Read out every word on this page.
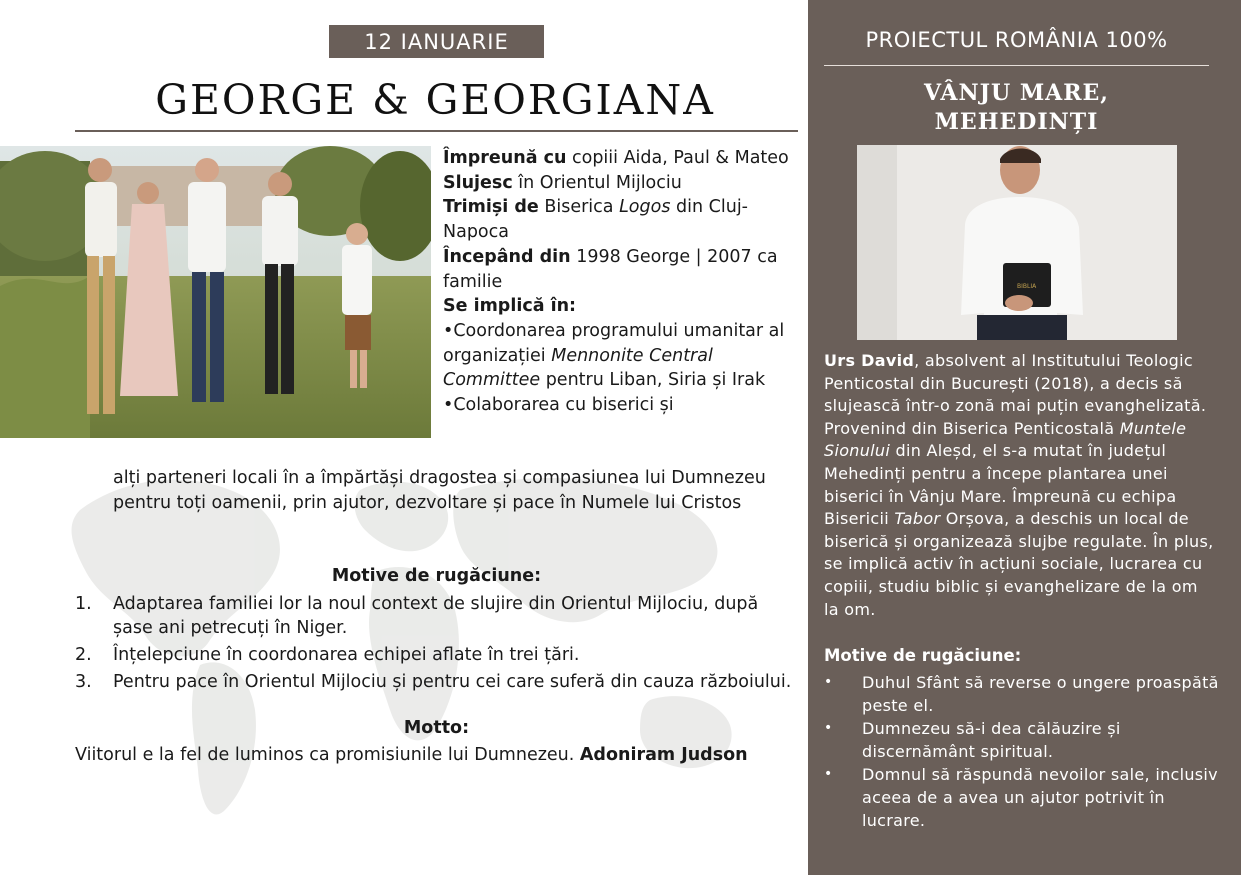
12 IANUARIE
GEORGE & GEORGIANA

Împreună cu copiii Aida, Paul & Mateo

Slujesc în Orientul Mijlociu

Trimiși de Biserica Logos din Cluj-Napoca

Începând din 1998 George | 2007 ca familie

Se implică în:

•Coordonarea programului umanitar al organizației Mennonite Central Committee pentru Liban, Siria și Irak

•Colaborarea cu biserici și

alți parteneri locali în a împărtăși dragostea și compasiunea lui Dumnezeu pentru toți oamenii, prin ajutor, dezvoltare și pace în Numele lui Cristos

Motive de rugăciune:
1.	Adaptarea familiei lor la noul context de slujire din Orientul Mijlociu, după șase ani petrecuți în Niger.
2.	Înțelepciune în coordonarea echipei aflate în trei țări.
3.	Pentru pace în Orientul Mijlociu și pentru cei care suferă din cauza războiului.
Motto:

Viitorul e la fel de luminos ca promisiunile lui Dumnezeu. Adoniram Judson

PROIECTUL ROMÂNIA 100%
VÂNJU MARE,
MEHEDINȚI
BIBLIA

Urs David, absolvent al Institutului Teologic Penticostal din București (2018), a decis să slujească într-o zonă mai puțin evanghelizată. Provenind din Biserica Penticostală Muntele Sionului din Aleșd, el s-a mutat în județul Mehedinți pentru a începe plantarea unei biserici în Vânju Mare. Împreună cu echipa Bisericii Tabor Orșova, a deschis un local de biserică și organizează slujbe regulate. În plus, se implică activ în acțiuni sociale, lucrarea cu copiii, studiu biblic și evanghelizare de la om la om.

Motive de rugăciune:
•	Duhul Sfânt să reverse o ungere proaspătă peste el.
•	Dumnezeu să-i dea călăuzire și discernământ spiritual.
•	Domnul să răspundă nevoilor sale, inclusiv aceea de a avea un ajutor potrivit în lucrare.
